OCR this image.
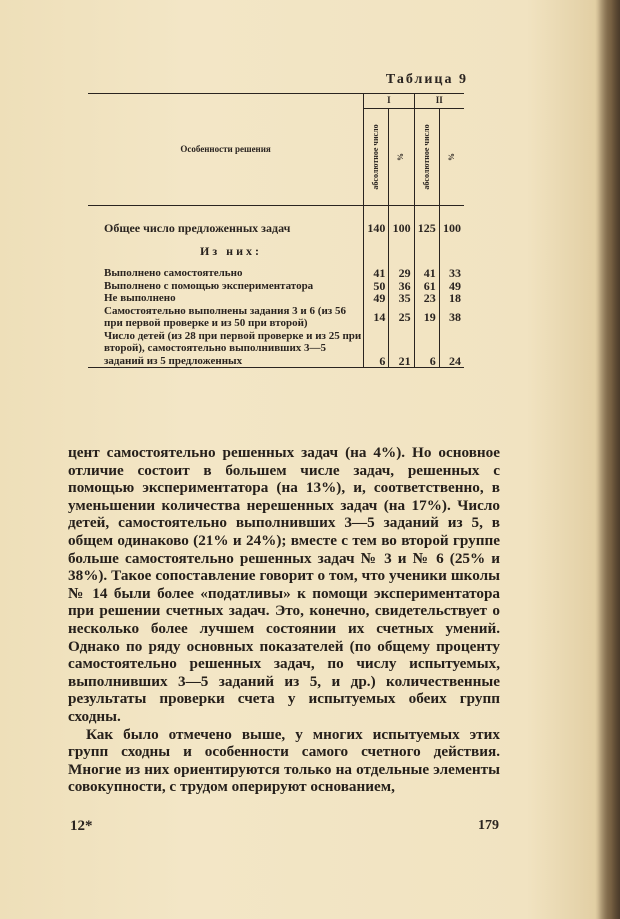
Таблица 9
Особенности решения	I		II	

	абсолютное число	%	абсолютное число	%

Общее число предложенных задач	140	100	125	100
Из них:				
Выполнено самостоятельно	41	29	41	33
Выполнено с помощью экспериментатора	50	36	61	49
Не выполнено	49	35	23	18
Самостоятельно выполнены задания 3 и 6 (из 56 при первой проверке и из 50 при второй)	14	25	19	38
Число детей (из 28 при первой проверке и из 25 при второй), самостоятельно выполнивших 3—5 заданий из 5 предложенных	6	21	6	24

цент самостоятельно решенных задач (на 4%). Но основное отличие состоит в большем числе задач, решенных с помощью экспериментатора (на 13%), и, соответственно, в уменьшении количества нерешенных задач (на 17%). Число детей, самостоятельно выполнивших 3—5 заданий из 5, в общем одинаково (21% и 24%); вместе с тем во второй группе больше самостоятельно решенных задач № 3 и № 6 (25% и 38%). Такое сопоставление говорит о том, что ученики школы № 14 были более «податливы» к помощи экспериментатора при решении счетных задач. Это, конечно, свидетельствует о несколько более лучшем состоянии их счетных умений. Однако по ряду основных показателей (по общему проценту самостоятельно решенных задач, по числу испытуемых, выполнивших 3—5 заданий из 5, и др.) количественные результаты проверки счета у испытуемых обеих групп сходны.

Как было отмечено выше, у многих испытуемых этих групп сходны и особенности самого счетного действия. Многие из них ориентируются только на отдельные элементы совокупности, с трудом оперируют основанием,

12*	179
